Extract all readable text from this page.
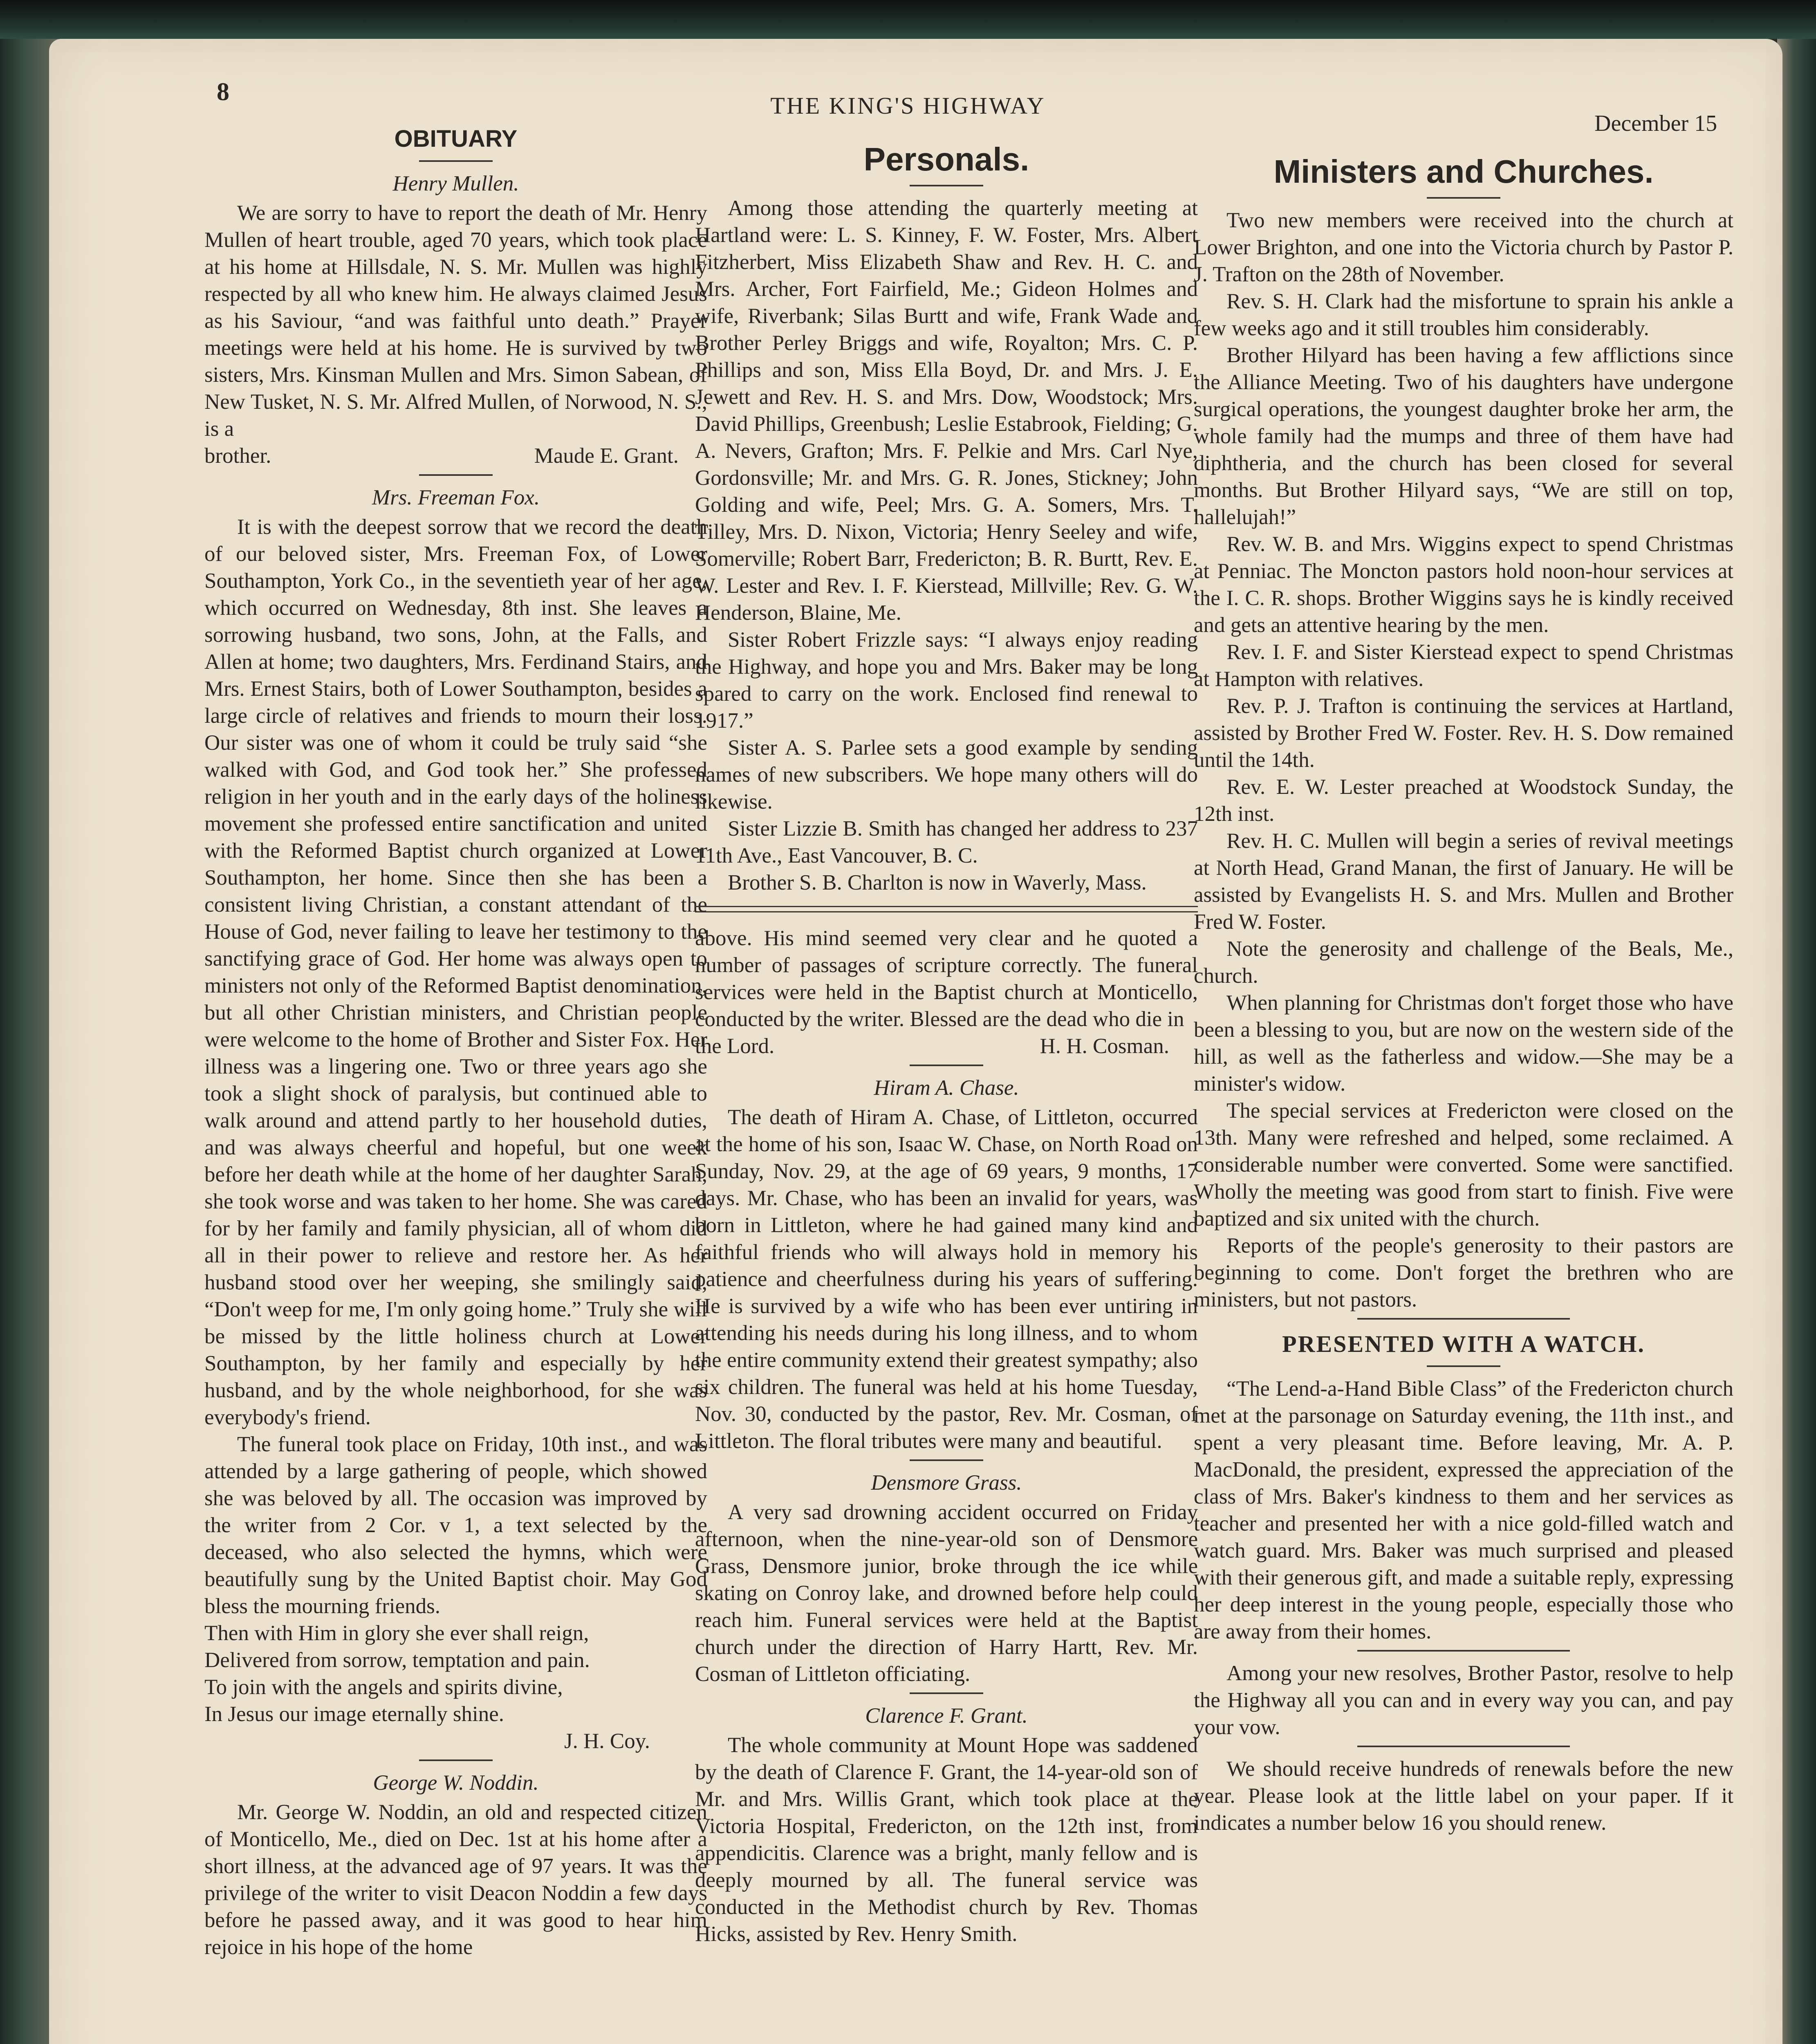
8	THE KING'S HIGHWAY
December 15
OBITUARY
Henry Mullen.

We are sorry to have to report the death of Mr. Henry Mullen of heart trouble, aged 70 years, which took place at his home at Hillsdale, N. S. Mr. Mullen was highly respected by all who knew him. He always claimed Jesus as his Saviour, “and was faithful unto death.” Prayer meetings were held at his home. He is survived by two sisters, Mrs. Kinsman Mullen and Mrs. Simon Sabean, of New Tusket, N. S. Mr. Alfred Mullen, of Norwood, N. S., is a

brother.	Maude E. Grant.
Mrs. Freeman Fox.

It is with the deepest sorrow that we record the death of our beloved sister, Mrs. Freeman Fox, of Lower Southampton, York Co., in the seventieth year of her age, which occurred on Wednesday, 8th inst. She leaves a sorrowing husband, two sons, John, at the Falls, and Allen at home; two daughters, Mrs. Ferdinand Stairs, and Mrs. Ernest Stairs, both of Lower Southampton, besides a large circle of relatives and friends to mourn their loss. Our sister was one of whom it could be truly said “she walked with God, and God took her.” She professed religion in her youth and in the early days of the holiness movement she professed entire sanctification and united with the Reformed Baptist church organized at Lower Southampton, her home. Since then she has been a consistent living Christian, a constant attendant of the House of God, never failing to leave her testimony to the sanctifying grace of God. Her home was always open to ministers not only of the Reformed Baptist denomination, but all other Christian ministers, and Christian people were welcome to the home of Brother and Sister Fox. Her illness was a lingering one. Two or three years ago she took a slight shock of paralysis, but continued able to walk around and attend partly to her household duties, and was always cheerful and hopeful, but one week before her death while at the home of her daughter Sarah, she took worse and was taken to her home. She was cared for by her family and family physician, all of whom did all in their power to relieve and restore her. As her husband stood over her weeping, she smilingly said, “Don't weep for me, I'm only going home.” Truly she will be missed by the little holiness church at Lower Southampton, by her family and especially by her husband, and by the whole neighborhood, for she was everybody's friend.

The funeral took place on Friday, 10th inst., and was attended by a large gathering of people, which showed she was beloved by all. The occasion was improved by the writer from 2 Cor. v 1, a text selected by the deceased, who also selected the hymns, which were beautifully sung by the United Baptist choir. May God bless the mourning friends.

Then with Him in glory she ever shall reign,

Delivered from sorrow, temptation and pain.

To join with the angels and spirits divine,

In Jesus our image eternally shine.

J. H. Coy.
George W. Noddin.

Mr. George W. Noddin, an old and respected citizen of Monticello, Me., died on Dec. 1st at his home after a short illness, at the advanced age of 97 years. It was the privilege of the writer to visit Deacon Noddin a few days before he passed away, and it was good to hear him rejoice in his hope of the home

Personals.

Among those attending the quarterly meeting at Hartland were: L. S. Kinney, F. W. Foster, Mrs. Albert Fitzherbert, Miss Elizabeth Shaw and Rev. H. C. and Mrs. Archer, Fort Fairfield, Me.; Gideon Holmes and wife, Riverbank; Silas Burtt and wife, Frank Wade and Brother Perley Briggs and wife, Royalton; Mrs. C. P. Phillips and son, Miss Ella Boyd, Dr. and Mrs. J. E. Jewett and Rev. H. S. and Mrs. Dow, Woodstock; Mrs. David Phillips, Greenbush; Leslie Estabrook, Fielding; G. A. Nevers, Grafton; Mrs. F. Pelkie and Mrs. Carl Nye, Gordonsville; Mr. and Mrs. G. R. Jones, Stickney; John Golding and wife, Peel; Mrs. G. A. Somers, Mrs. T. Tilley, Mrs. D. Nixon, Victoria; Henry Seeley and wife, Somerville; Robert Barr, Fredericton; B. R. Burtt, Rev. E. W. Lester and Rev. I. F. Kierstead, Millville; Rev. G. W. Henderson, Blaine, Me.

Sister Robert Frizzle says: “I always enjoy reading the Highway, and hope you and Mrs. Baker may be long spared to carry on the work. Enclosed find renewal to 1917.”

Sister A. S. Parlee sets a good example by sending names of new subscribers. We hope many others will do likewise.

Sister Lizzie B. Smith has changed her address to 237 11th Ave., East Vancouver, B. C.

Brother S. B. Charlton is now in Waverly, Mass.

above. His mind seemed very clear and he quoted a number of passages of scripture correctly. The funeral services were held in the Baptist church at Monticello, conducted by the writer. Blessed are the dead who die in

the Lord.	H. H. Cosman.
Hiram A. Chase.

The death of Hiram A. Chase, of Littleton, occurred at the home of his son, Isaac W. Chase, on North Road on Sunday, Nov. 29, at the age of 69 years, 9 months, 17 days. Mr. Chase, who has been an invalid for years, was born in Littleton, where he had gained many kind and faithful friends who will always hold in memory his patience and cheerfulness during his years of suffering. He is survived by a wife who has been ever untiring in attending his needs during his long illness, and to whom the entire community extend their greatest sympathy; also six children. The funeral was held at his home Tuesday, Nov. 30, conducted by the pastor, Rev. Mr. Cosman, of Littleton. The floral tributes were many and beautiful.

Densmore Grass.

A very sad drowning accident occurred on Friday afternoon, when the nine-year-old son of Densmore Grass, Densmore junior, broke through the ice while skating on Conroy lake, and drowned before help could reach him. Funeral services were held at the Baptist church under the direction of Harry Hartt, Rev. Mr. Cosman of Littleton officiating.

Clarence F. Grant.

The whole community at Mount Hope was saddened by the death of Clarence F. Grant, the 14-year-old son of Mr. and Mrs. Willis Grant, which took place at the Victoria Hospital, Fredericton, on the 12th inst, from appendicitis. Clarence was a bright, manly fellow and is deeply mourned by all. The funeral service was conducted in the Methodist church by Rev. Thomas Hicks, assisted by Rev. Henry Smith.

Ministers and Churches.

Two new members were received into the church at Lower Brighton, and one into the Victoria church by Pastor P. J. Trafton on the 28th of November.

Rev. S. H. Clark had the misfortune to sprain his ankle a few weeks ago and it still troubles him considerably.

Brother Hilyard has been having a few afflictions since the Alliance Meeting. Two of his daughters have undergone surgical operations, the youngest daughter broke her arm, the whole family had the mumps and three of them have had diphtheria, and the church has been closed for several months. But Brother Hilyard says, “We are still on top, hallelujah!”

Rev. W. B. and Mrs. Wiggins expect to spend Christmas at Penniac. The Moncton pastors hold noon-hour services at the I. C. R. shops. Brother Wiggins says he is kindly received and gets an attentive hearing by the men.

Rev. I. F. and Sister Kierstead expect to spend Christmas at Hampton with relatives.

Rev. P. J. Trafton is continuing the services at Hartland, assisted by Brother Fred W. Foster. Rev. H. S. Dow remained until the 14th.

Rev. E. W. Lester preached at Woodstock Sunday, the 12th inst.

Rev. H. C. Mullen will begin a series of revival meetings at North Head, Grand Manan, the first of January. He will be assisted by Evangelists H. S. and Mrs. Mullen and Brother Fred W. Foster.

Note the generosity and challenge of the Beals, Me., church.

When planning for Christmas don't forget those who have been a blessing to you, but are now on the western side of the hill, as well as the fatherless and widow.—She may be a minister's widow.

The special services at Fredericton were closed on the 13th. Many were refreshed and helped, some reclaimed. A considerable number were converted. Some were sanctified. Wholly the meeting was good from start to finish. Five were baptized and six united with the church.

Reports of the people's generosity to their pastors are beginning to come. Don't forget the brethren who are ministers, but not pastors.

PRESENTED WITH A WATCH.

“The Lend-a-Hand Bible Class” of the Fredericton church met at the parsonage on Saturday evening, the 11th inst., and spent a very pleasant time. Before leaving, Mr. A. P. MacDonald, the president, expressed the appreciation of the class of Mrs. Baker's kindness to them and her services as teacher and presented her with a nice gold-filled watch and watch guard. Mrs. Baker was much surprised and pleased with their generous gift, and made a suitable reply, expressing her deep interest in the young people, especially those who are away from their homes.

Among your new resolves, Brother Pastor, resolve to help the Highway all you can and in every way you can, and pay your vow.

We should receive hundreds of renewals before the new year. Please look at the little label on your paper. If it indicates a number below 16 you should renew.
